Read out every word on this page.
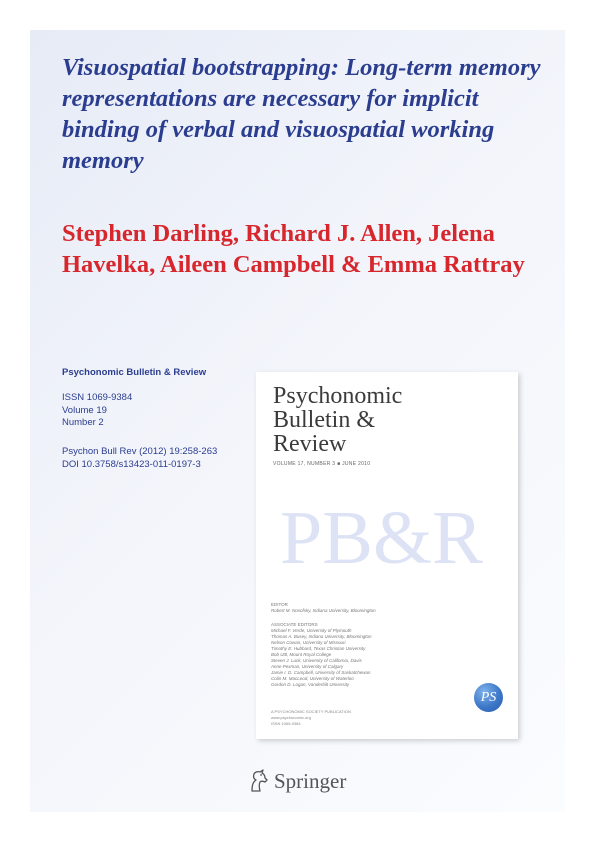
Visuospatial bootstrapping: Long-term memory representations are necessary for implicit binding of verbal and visuospatial working memory
Stephen Darling, Richard J. Allen, Jelena Havelka, Aileen Campbell & Emma Rattray
Psychonomic Bulletin & Review
ISSN 1069-9384
Volume 19
Number 2
Psychon Bull Rev (2012) 19:258-263
DOI 10.3758/s13423-011-0197-3
Psychonomic
Bulletin &
Review
VOLUME 17, NUMBER 3 ■ JUNE 2010
PB&R
EDITOR
Robert M. Nosofsky, Indiana University, Bloomington
ASSOCIATE EDITORS
Michael F. Verde, University of Plymouth
Thomas A. Busey, Indiana University, Bloomington
Nelson Cowan, University of Missouri
Timothy E. Hubbard, Texas Christian University
Bob Uttl, Mount Royal College
Steven J. Luck, University of California, Davis
Anne Pexman, University of Calgary
Jamie I. D. Campbell, University of Saskatchewan
Colin M. MacLeod, University of Waterloo
Gordon D. Logan, Vanderbilt University
PS
A PSYCHONOMIC SOCIETY PUBLICATION
www.psychonomic.org
ISSN 1069-9384
Springer
